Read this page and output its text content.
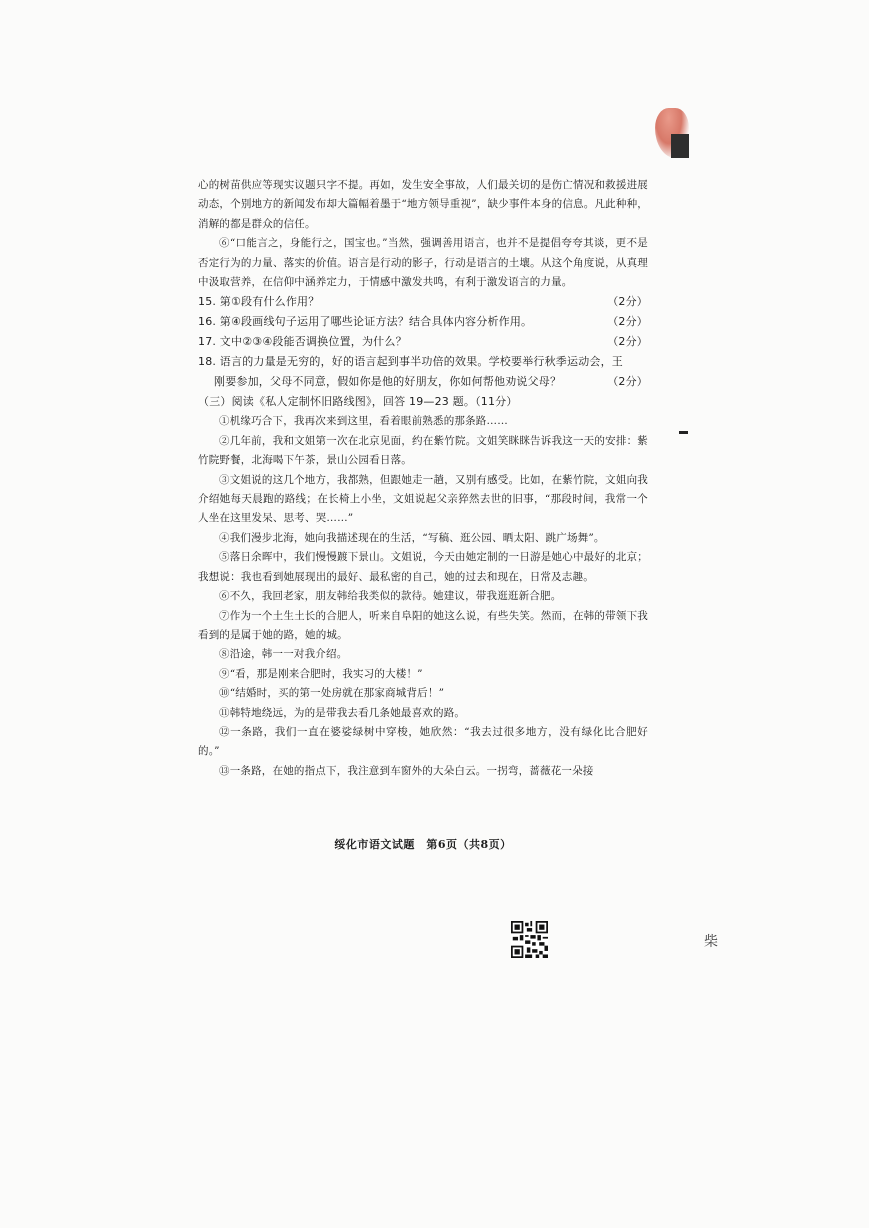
心的树苗供应等现实议题只字不提。再如，发生安全事故，人们最关切的是伤亡情况和救援进展动态，个别地方的新闻发布却大篇幅着墨于“地方领导重视”，缺少事件本身的信息。凡此种种，消解的都是群众的信任。

⑥“口能言之，身能行之，国宝也。”当然，强调善用语言，也并不是提倡夸夸其谈，更不是否定行为的力量、落实的价值。语言是行动的影子，行动是语言的土壤。从这个角度说，从真理中汲取营养，在信仰中涵养定力，于情感中激发共鸣，有利于激发语言的力量。

15. 第①段有什么作用？	（2分）
16. 第④段画线句子运用了哪些论证方法？结合具体内容分析作用。	（2分）
17. 文中②③④段能否调换位置，为什么？	（2分）
18. 语言的力量是无穷的，好的语言起到事半功倍的效果。学校要举行秋季运动会，王
刚要参加，父母不同意，假如你是他的好朋友，你如何帮他劝说父母？	（2分）
（三）阅读《私人定制怀旧路线图》，回答 19—23 题。（11分）

①机缘巧合下，我再次来到这里，看着眼前熟悉的那条路……

②几年前，我和文姐第一次在北京见面，约在紫竹院。文姐笑眯眯告诉我这一天的安排：紫竹院野餐，北海喝下午茶，景山公园看日落。

③文姐说的这几个地方，我都熟，但跟她走一趟，又别有感受。比如，在紫竹院，文姐向我介绍她每天晨跑的路线；在长椅上小坐，文姐说起父亲猝然去世的旧事，“那段时间，我常一个人坐在这里发呆、思考、哭……”

④我们漫步北海，她向我描述现在的生活，“写稿、逛公园、晒太阳、跳广场舞”。

⑤落日余晖中，我们慢慢踱下景山。文姐说，今天由她定制的一日游是她心中最好的北京；我想说：我也看到她展现出的最好、最私密的自己，她的过去和现在，日常及志趣。

⑥不久，我回老家，朋友韩给我类似的款待。她建议，带我逛逛新合肥。

⑦作为一个土生土长的合肥人，听来自阜阳的她这么说，有些失笑。然而，在韩的带领下我看到的是属于她的路，她的城。

⑧沿途，韩一一对我介绍。

⑨“看，那是刚来合肥时，我实习的大楼！”

⑩“结婚时，买的第一处房就在那家商城背后！”

⑪韩特地绕远，为的是带我去看几条她最喜欢的路。

⑫一条路，我们一直在婆娑绿树中穿梭，她欣然：“我去过很多地方，没有绿化比合肥好的。”

⑬一条路，在她的指点下，我注意到车窗外的大朵白云。一拐弯，蔷薇花一朵接

绥化市语文试题　第6页（共8页）
柴
